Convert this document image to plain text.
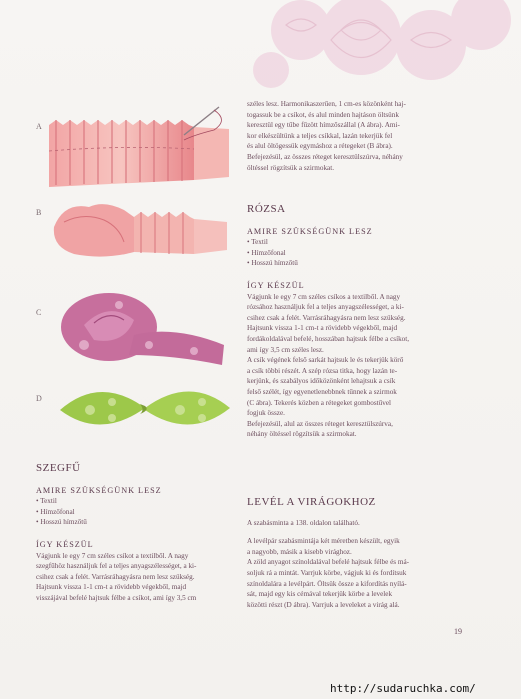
A
B
C
D

széles lesz. Harmonikaszerűen, 1 cm-es közönként haj-

togassuk be a csíkot, és alul minden hajtáson öltsünk

keresztül egy tűbe fűzött hímzőszállal (A ábra). Ami-

kor elkészültünk a teljes csíkkal, lazán tekerjük fel

és alul öltögessük egymáshoz a rétegeket (B ábra).

Befejezésül, az összes réteget keresztülszúrva, néhány

öltéssel rögzítsük a szirmokat.

RÓZSA

AMIRE SZÜKSÉGÜNK LESZ

• Textil
• Hímzőfonal
• Hosszú hímzőtű

ÍGY KÉSZÜL

Vágjunk le egy 7 cm széles csíkos a textilből. A nagy

rózsához használjuk fel a teljes anyagszélességet, a ki-

csihez csak a felét. Varrásráhagyásra nem lesz szükség.

Hajtsunk vissza 1-1 cm-t a rövidebb végekből, majd

fordákoldalával befelé, hosszában hajtsuk félbe a csíkot,

ami így 3,5 cm széles lesz.

A csík végének felső sarkát hajtsuk le és tekerjük körő

a csík többi részét. A szép rózsa titka, hogy lazán te-

kerjünk, és szabályos időközönként lehajtsuk a csík

felső szélét, így egyenetlenebbnek tűnnek a szirmok

(C ábra). Tekerés közben a rétegeket gombostűvel

fogjuk össze.

Befejezésül, alul az összes réteget keresztülszúrva,

néhány öltéssel rögzítsük a szirmokat.

LEVÉL A VIRÁGOKHOZ

A szabásminta a 138. oldalon található.

A levélpár szabásmintája két méretben készült, egyik

a nagyobb, másik a kisebb virághoz.

A zöld anyagot színoldalával befelé hajtsuk félbe és má-

soljuk rá a mintát. Varrjuk körbe, vágjuk ki és fordítsuk

színoldalára a levélpárt. Öltsük össze a kifordítás nyílá-

sát, majd egy kis cémával tekerjük körbe a levelek

közötti részt (D ábra). Varrjuk a leveleket a virág alá.

SZEGFŰ

AMIRE SZÜKSÉGÜNK LESZ

• Textil
• Hímzőfonal
• Hosszú hímzőtű

ÍGY KÉSZÜL

Vágjunk le egy 7 cm széles csíkot a textilből. A nagy

szegfűhöz használjuk fel a teljes anyagszélességet, a ki-

csihez csak a felét. Varrásráhagyásra nem lesz szükség.

Hajtsunk vissza 1-1 cm-t a rövidebb végekből, majd

visszájával befelé hajtsuk félbe a csíkot, ami így 3,5 cm

19
http://sudaruchka.com/
